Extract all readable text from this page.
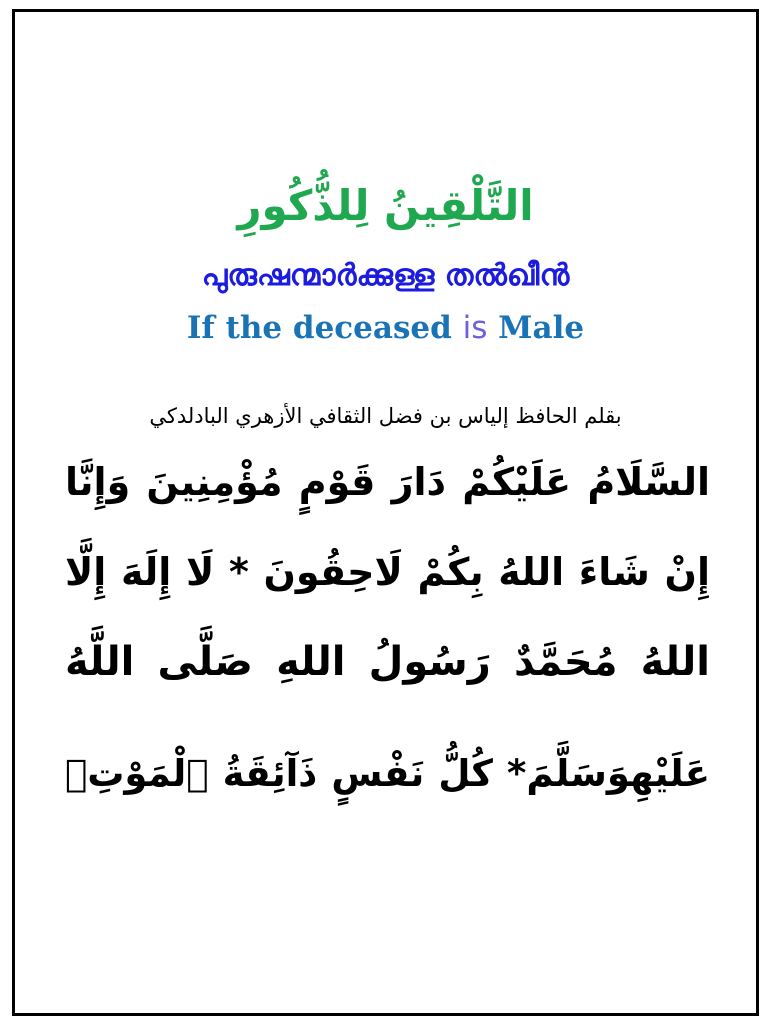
التَّلْقِينُ لِلذُّكُورِ
പുരുഷന്മാർക്കുള്ള തൽഖീൻ
If the deceased is Male
بقلم الحافظ إلياس بن فضل الثقافي الأزهري البادلدكي
السَّلَامُ عَلَيْكُمْ دَارَ قَوْمٍ مُؤْمِنِينَ وَإِنَّا
إِنْ شَاءَ اللهُ بِكُمْ لَاحِقُونَ * لَا إِلَهَ إِلَّا
اللهُ مُحَمَّدٌ رَسُولُ اللهِ صَلَّى اللَّهُ
عَلَيْهِوَسَلَّمَ* كُلُّ نَفْسٍ ذَآئِقَةُ ٱلْمَوْتِۗ
